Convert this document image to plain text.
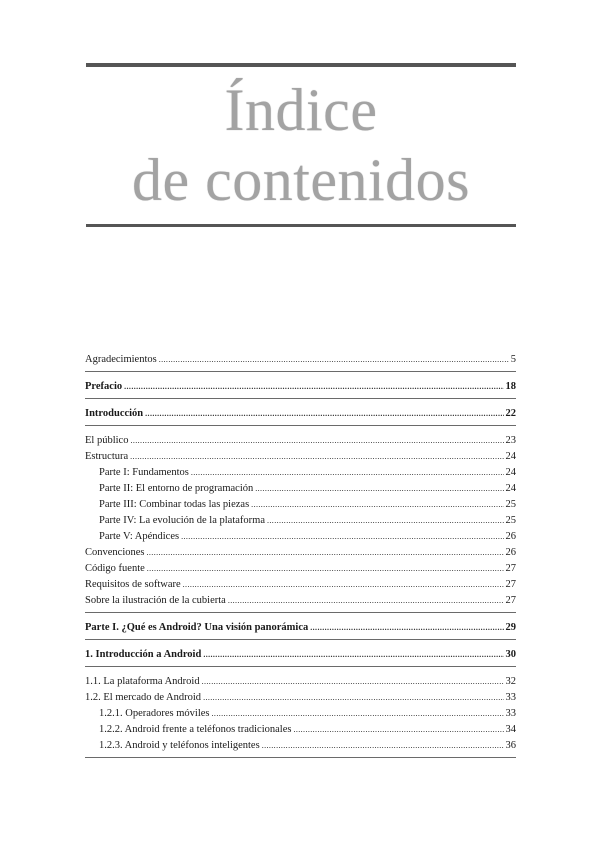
Índice
de contenidos
Agradecimientos .....	5
Prefacio .....	18
Introducción .....	22
El público .....	23
Estructura .....	24
Parte I: Fundamentos .....	24
Parte II: El entorno de programación .....	24
Parte III: Combinar todas las piezas .....	25
Parte IV: La evolución de la plataforma .....	25
Parte V: Apéndices .....	26
Convenciones .....	26
Código fuente .....	27
Requisitos de software .....	27
Sobre la ilustración de la cubierta .....	27
Parte I. ¿Qué es Android? Una visión panorámica .....	29
1. Introducción a Android .....	30
1.1. La plataforma Android .....	32
1.2. El mercado de Android .....	33
1.2.1. Operadores móviles .....	33
1.2.2. Android frente a teléfonos tradicionales .....	34
1.2.3. Android y teléfonos inteligentes .....	36
